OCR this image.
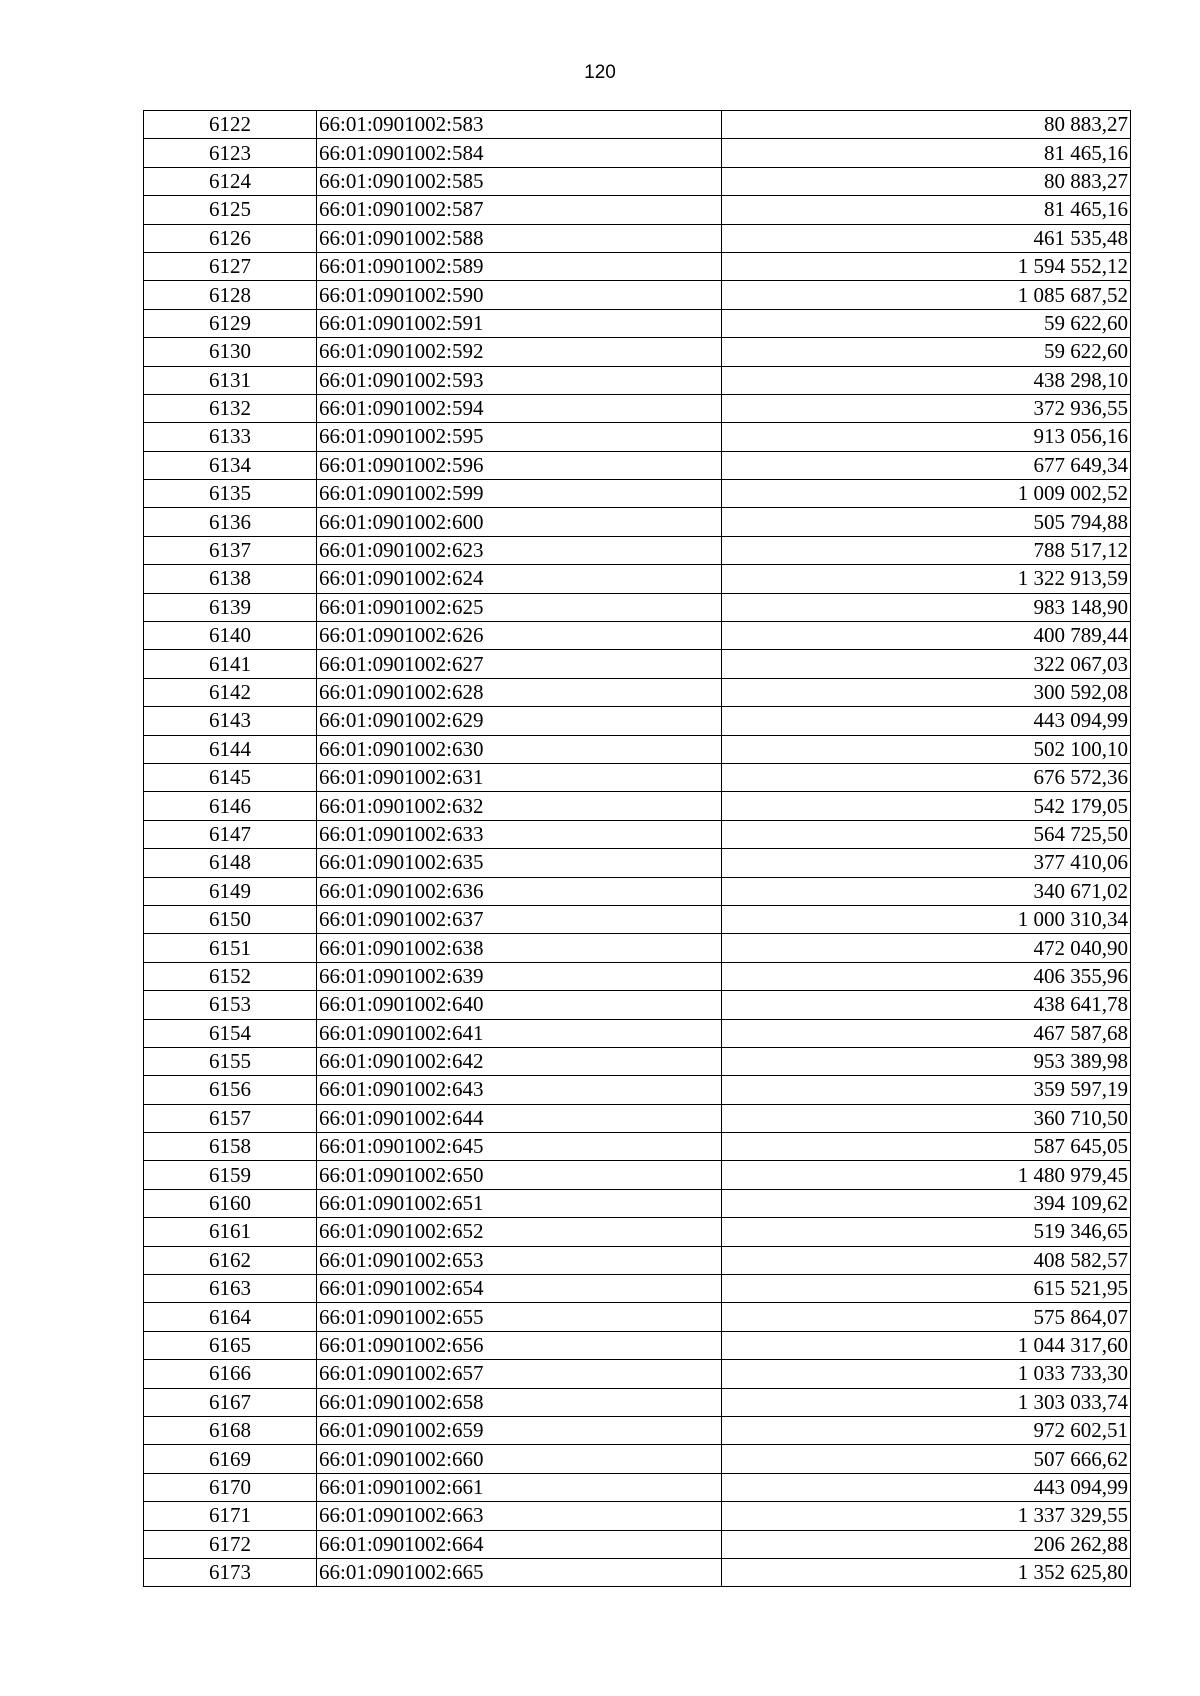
120
6122	66:01:0901002:583	80 883,27
6123	66:01:0901002:584	81 465,16
6124	66:01:0901002:585	80 883,27
6125	66:01:0901002:587	81 465,16
6126	66:01:0901002:588	461 535,48
6127	66:01:0901002:589	1 594 552,12
6128	66:01:0901002:590	1 085 687,52
6129	66:01:0901002:591	59 622,60
6130	66:01:0901002:592	59 622,60
6131	66:01:0901002:593	438 298,10
6132	66:01:0901002:594	372 936,55
6133	66:01:0901002:595	913 056,16
6134	66:01:0901002:596	677 649,34
6135	66:01:0901002:599	1 009 002,52
6136	66:01:0901002:600	505 794,88
6137	66:01:0901002:623	788 517,12
6138	66:01:0901002:624	1 322 913,59
6139	66:01:0901002:625	983 148,90
6140	66:01:0901002:626	400 789,44
6141	66:01:0901002:627	322 067,03
6142	66:01:0901002:628	300 592,08
6143	66:01:0901002:629	443 094,99
6144	66:01:0901002:630	502 100,10
6145	66:01:0901002:631	676 572,36
6146	66:01:0901002:632	542 179,05
6147	66:01:0901002:633	564 725,50
6148	66:01:0901002:635	377 410,06
6149	66:01:0901002:636	340 671,02
6150	66:01:0901002:637	1 000 310,34
6151	66:01:0901002:638	472 040,90
6152	66:01:0901002:639	406 355,96
6153	66:01:0901002:640	438 641,78
6154	66:01:0901002:641	467 587,68
6155	66:01:0901002:642	953 389,98
6156	66:01:0901002:643	359 597,19
6157	66:01:0901002:644	360 710,50
6158	66:01:0901002:645	587 645,05
6159	66:01:0901002:650	1 480 979,45
6160	66:01:0901002:651	394 109,62
6161	66:01:0901002:652	519 346,65
6162	66:01:0901002:653	408 582,57
6163	66:01:0901002:654	615 521,95
6164	66:01:0901002:655	575 864,07
6165	66:01:0901002:656	1 044 317,60
6166	66:01:0901002:657	1 033 733,30
6167	66:01:0901002:658	1 303 033,74
6168	66:01:0901002:659	972 602,51
6169	66:01:0901002:660	507 666,62
6170	66:01:0901002:661	443 094,99
6171	66:01:0901002:663	1 337 329,55
6172	66:01:0901002:664	206 262,88
6173	66:01:0901002:665	1 352 625,80
